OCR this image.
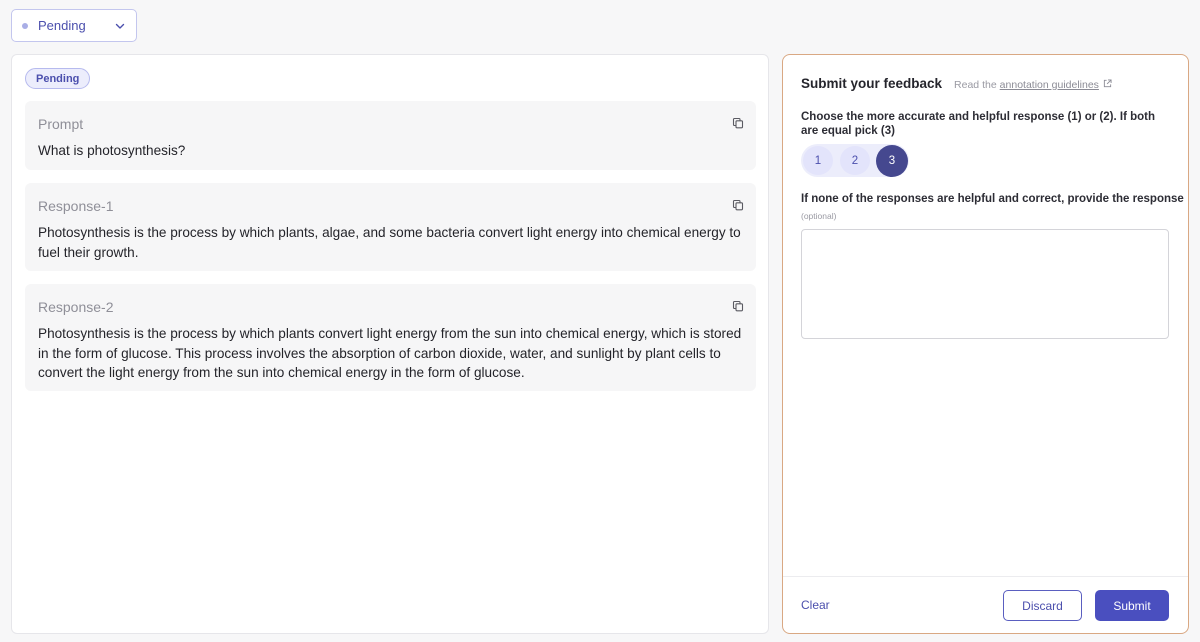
Pending
Pending
Prompt
What is photosynthesis?
Response-1
Photosynthesis is the process by which plants, algae, and some bacteria convert light energy into chemical energy to fuel their growth.
Response-2
Photosynthesis is the process by which plants convert light energy from the sun into chemical energy, which is stored in the form of glucose. This process involves the absorption of carbon dioxide, water, and sunlight by plant cells to convert the light energy from the sun into chemical energy in the form of glucose.
Submit your feedback Read the annotation guidelines
Choose the more accurate and helpful response (1) or (2). If both are equal pick (3)
1	2	3
If none of the responses are helpful and correct, provide the response
(optional)
Clear	Discard	Submit
